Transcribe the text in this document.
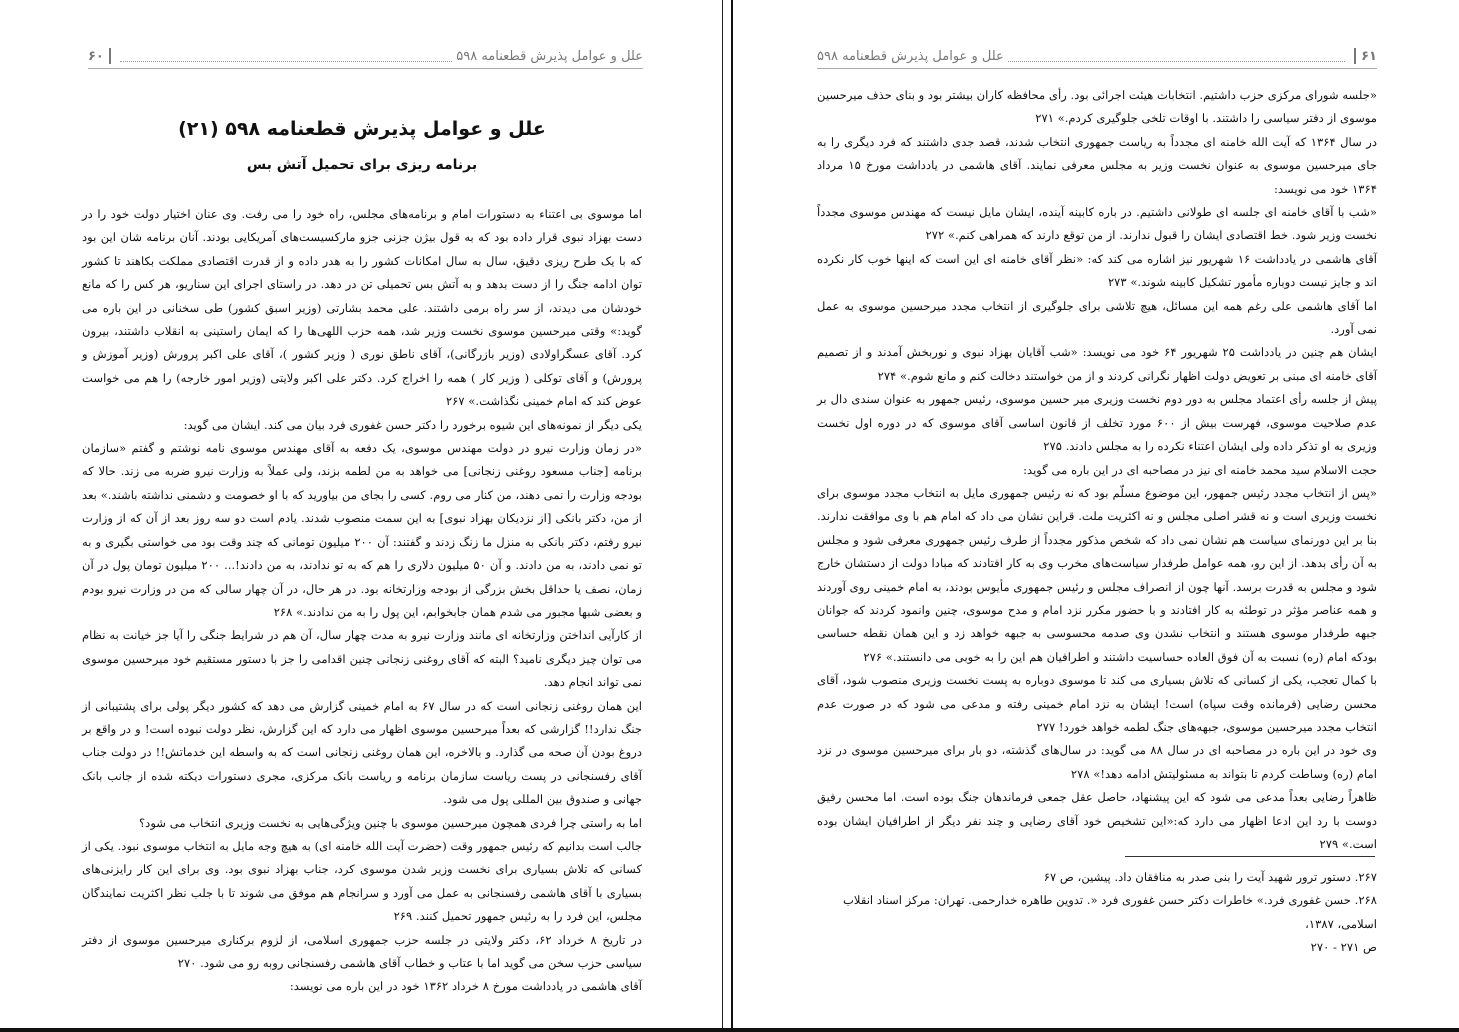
علل و عوامل پذیرش قطعنامه ۵۹۸
۶۰
علل و عوامل پذیرش قطعنامه ۵۹۸ (۲۱)
برنامه ریزی برای تحمیل آتش بس

اما موسوی بی اعتناء به دستورات امام و برنامه‌های مجلس، راه خود را می رفت. وی عنان اختیار دولت خود را در دست بهزاد نبوی قرار داده بود که به قول بیژن جزنی جزو مارکسیست‌های آمریکایی بودند. آنان برنامه شان این بود که با یک طرح ریزی دقیق، سال به سال امکانات کشور را به هدر داده و از قدرت اقتصادی مملکت بکاهند تا کشور توان ادامه جنگ را از دست بدهد و به آتش بس تحمیلی تن در دهد. در راستای اجرای این سناریو، هر کس را که مانع خودشان می دیدند، از سر راه برمی داشتند. علی محمد بشارتی (وزیر اسبق کشور) طی سخنانی در این باره می گوید:» وقتی میرحسین موسوی نخست وزیر شد، همه حزب اللهی‌ها را که ایمان راستینی به انقلاب داشتند، بیرون کرد. آقای عسگراولادی (وزیر بازرگانی)، آقای ناطق نوری ( وزیر کشور )، آقای علی اکبر پرورش (وزیر آموزش و پرورش) و آقای توکلی ( وزیر کار ) همه را اخراج کرد. دکتر علی اکبر ولایتی (وزیر امور خارجه) را هم می خواست عوض کند که امام خمینی نگذاشت.» ۲۶۷

یکی دیگر از نمونه‌های این شیوه برخورد را دکتر حسن غفوری فرد بیان می کند. ایشان می گوید:

«در زمان وزارت نیرو در دولت مهندس موسوی، یک دفعه به آقای مهندس موسوی نامه نوشتم و گفتم «سازمان برنامه [جناب مسعود روغنی زنجانی] می خواهد به من لطمه بزند، ولی عملاً به وزارت نیرو ضربه می زند. حالا که بودجه وزارت را نمی دهند، من کنار می روم. کسی را بجای من بیاورید که با او خصومت و دشمنی نداشته باشند.» بعد از من، دکتر بانکی [از نزدیکان بهزاد نبوی] به این سمت منصوب شدند. یادم است دو سه روز بعد از آن که از وزارت نیرو رفتم، دکتر بانکی به منزل ما زنگ زدند و گفتند: آن ۲۰۰ میلیون تومانی که چند وقت بود می خواستی بگیری و به تو نمی دادند، به من دادند. و آن ۵۰ میلیون دلاری را هم که به تو ندادند، به من دادند!... ۲۰۰ میلیون تومان پول در آن زمان، نصف یا حداقل بخش بزرگی از بودجه وزارتخانه بود. در هر حال، در آن چهار سالی که من در وزارت نیرو بودم و بعضی شبها مجبور می شدم همان جابخوابم، این پول را به من ندادند.» ۲۶۸

از کارآیی انداختن وزارتخانه ای مانند وزارت نیرو به مدت چهار سال، آن هم در شرایط جنگی را آیا جز خیانت به نظام می توان چیز دیگری نامید؟ البته که آقای روغنی زنجانی چنین اقدامی را جز با دستور مستقیم خود میرحسین موسوی نمی تواند انجام دهد.

این همان روغنی زنجانی است که در سال ۶۷ به امام خمینی گزارش می دهد که کشور دیگر پولی برای پشتیبانی از جنگ ندارد!! گزارشی که بعداً میرحسین موسوی اظهار می دارد که این گزارش، نظر دولت نبوده است! و در واقع بر دروغ بودن آن صحه می گذارد. و بالاخره، این همان روغنی زنجانی است که به واسطه این خدماتش!! در دولت جناب آقای رفسنجانی در پست ریاست سازمان برنامه و ریاست بانک مرکزی، مجری دستورات دیکته شده از جانب بانک جهانی و صندوق بین المللی پول می شود.

اما به راستی چرا فردی همچون میرحسین موسوی با چنین ویژگی‌هایی به نخست وزیری انتخاب می شود؟

جالب است بدانیم که رئیس جمهور وقت (حضرت آیت الله خامنه ای) به هیچ وجه مایل به انتخاب موسوی نبود. یکی از کسانی که تلاش بسیاری برای نخست وزیر شدن موسوی کرد، جناب بهزاد نبوی بود. وی برای این کار رایزنی‌های بسیاری با آقای هاشمی رفسنجانی به عمل می آورد و سرانجام هم موفق می شوند تا با جلب نظر اکثریت نمایندگان مجلس، این فرد را به رئیس جمهور تحمیل کنند. ۲۶۹

در تاریخ ۸ خرداد ۶۲، دکتر ولایتی در جلسه حزب جمهوری اسلامی، از لزوم برکناری میرحسین موسوی از دفتر سیاسی حزب سخن می گوید اما با عتاب و خطاب آقای هاشمی رفسنجانی روبه رو می شود. ۲۷۰

آقای هاشمی در یادداشت مورخ ۸ خرداد ۱۳۶۲ خود در این باره می نویسد:

۶۱
علل و عوامل پذیرش قطعنامه ۵۹۸

«جلسه شورای مرکزی حزب داشتیم. انتخابات هیئت اجرائی بود. رأی محافظه کاران بیشتر بود و بنای حذف میرحسین موسوی از دفتر سیاسی را داشتند. با اوقات تلخی جلوگیری کردم.» ۲۷۱

در سال ۱۳۶۴ که آیت الله خامنه ای مجدداً به ریاست جمهوری انتخاب شدند، قصد جدی داشتند که فرد دیگری را به جای میرحسین موسوی به عنوان نخست وزیر به مجلس معرفی نمایند. آقای هاشمی در یادداشت مورخ ۱۵ مرداد ۱۳۶۴ خود می نویسد:

«شب با آقای خامنه ای جلسه ای طولانی داشتیم. در باره کابینه آینده، ایشان مایل نیست که مهندس موسوی مجدداً نخست وزیر شود. خط اقتصادی ایشان را قبول ندارند. از من توقع دارند که همراهی کنم.» ۲۷۲

آقای هاشمی در یادداشت ۱۶ شهریور نیز اشاره می کند که: «نظر آقای خامنه ای این است که اینها خوب کار نکرده اند و جایز نیست دوباره مأمور تشکیل کابینه شوند.» ۲۷۳

اما آقای هاشمی علی رغم همه این مسائل، هیچ تلاشی برای جلوگیری از انتخاب مجدد میرحسین موسوی به عمل نمی آورد.

ایشان هم چنین در یادداشت ۲۵ شهریور ۶۴ خود می نویسد: «شب آقایان بهزاد نبوی و نوربخش آمدند و از تصمیم آقای خامنه ای مبنی بر تعویض دولت اظهار نگرانی کردند و از من خواستند دخالت کنم و مانع شوم.» ۲۷۴

پیش از جلسه رأی اعتماد مجلس به دور دوم نخست وزیری میر حسین موسوی، رئیس جمهور به عنوان سندی دال بر عدم صلاحیت موسوی، فهرست بیش از ۶۰۰ مورد تخلف از قانون اساسی آقای موسوی که در دوره اول نخست وزیری به او تذکر داده ولی ایشان اعتناء نکرده را به مجلس دادند. ۲۷۵

حجت الاسلام سید محمد خامنه ای نیز در مصاحبه ای در این باره می گوید:

«پس از انتخاب مجدد رئیس جمهور، این موضوع مسلّم بود که نه رئیس جمهوری مایل به انتخاب مجدد موسوی برای نخست وزیری است و نه قشر اصلی مجلس و نه اکثریت ملت. قراین نشان می داد که امام هم با وی موافقت ندارند. بنا بر این دورنمای سیاست هم نشان نمی داد که شخص مذکور مجدداً از طرف رئیس جمهوری معرفی شود و مجلس به آن رأی بدهد. از این رو، همه عوامل طرفدار سیاست‌های مخرب وی به کار افتادند که مبادا دولت از دستشان خارج شود و مجلس به قدرت برسد. آنها چون از انصراف مجلس و رئیس جمهوری مأیوس بودند، به امام خمینی روی آوردند و همه عناصر مؤثر در توطئه به کار افتادند و با حضور مکرر نزد امام و مدح موسوی، چنین وانمود کردند که جوانان جبهه طرفدار موسوی هستند و انتخاب نشدن وی صدمه محسوسی به جبهه خواهد زد و این همان نقطه حساسی بودکه امام (ره) نسبت به آن فوق العاده حساسیت داشتند و اطرافیان هم این را به خوبی می دانستند.» ۲۷۶

با کمال تعجب، یکی از کسانی که تلاش بسیاری می کند تا موسوی دوباره به پست نخست وزیری منصوب شود، آقای محسن رضایی (فرمانده وقت سپاه) است! ایشان به نزد امام خمینی رفته و مدعی می شود که در صورت عدم انتخاب مجدد میرحسین موسوی، جبهه‌های جنگ لطمه خواهد خورد! ۲۷۷

وی خود در این باره در مصاحبه ای در سال ۸۸ می گوید: در سال‌های گذشته، دو بار برای میرحسین موسوی در نزد امام (ره) وساطت کردم تا بتواند به مسئولیتش ادامه دهد!» ۲۷۸

ظاهراً رضایی بعداً مدعی می شود که این پیشنهاد، حاصل عقل جمعی فرماندهان جنگ بوده است. اما محسن رفیق دوست با رد این ادعا اظهار می دارد که:«این تشخیص خود آقای رضایی و چند نفر دیگر از اطرافیان ایشان بوده است.» ۲۷۹

۲۶۷. دستور ترور شهید آیت را بنی صدر به منافقان داد. پیشین، ص ۶۷

۲۶۸. حسن غفوری فرد.» خاطرات دکتر حسن غفوری فرد «. تدوین طاهره خدارحمی. تهران: مرکز اسناد انقلاب اسلامی، ۱۳۸۷،

ص ۲۷۱ - ۲۷۰
